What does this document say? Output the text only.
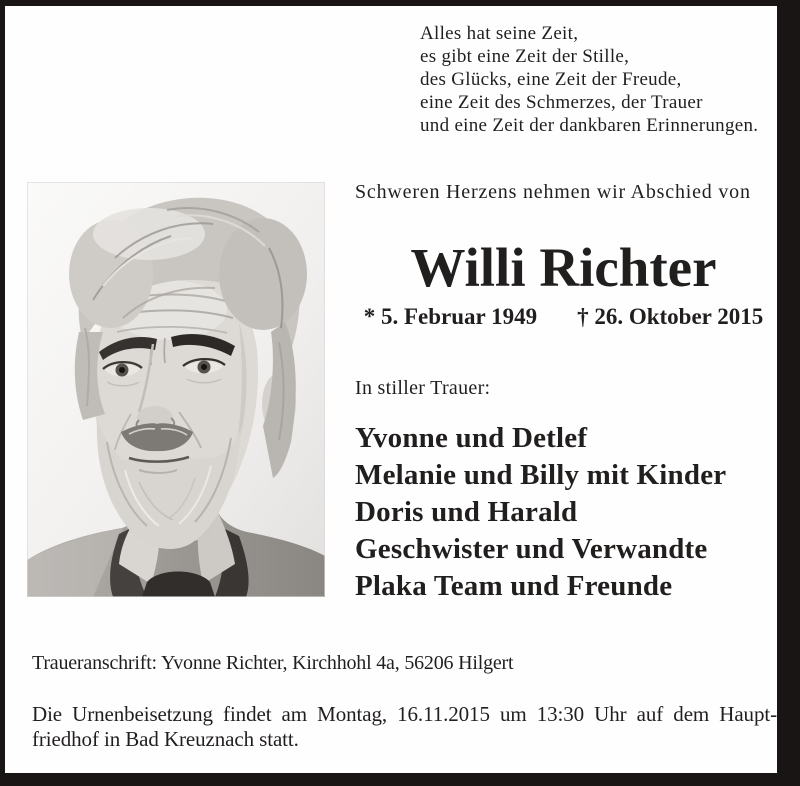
Alles hat seine Zeit,
es gibt eine Zeit der Stille,
des Glücks, eine Zeit der Freude,
eine Zeit des Schmerzes, der Trauer
und eine Zeit der dankbaren Erinnerungen.
Schweren Herzens nehmen wir Abschied von
Willi Richter
* 5. Februar 1949 † 26. Oktober 2015
In stiller Trauer:
Yvonne und Detlef
Melanie und Billy mit Kinder
Doris und Harald
Geschwister und Verwandte
Plaka Team und Freunde
Traueranschrift: Yvonne Richter, Kirchhohl 4a, 56206 Hilgert
Die Urnenbeisetzung findet am Montag, 16.11.2015 um 13:30 Uhr auf dem Haupt-
friedhof in Bad Kreuznach statt.
